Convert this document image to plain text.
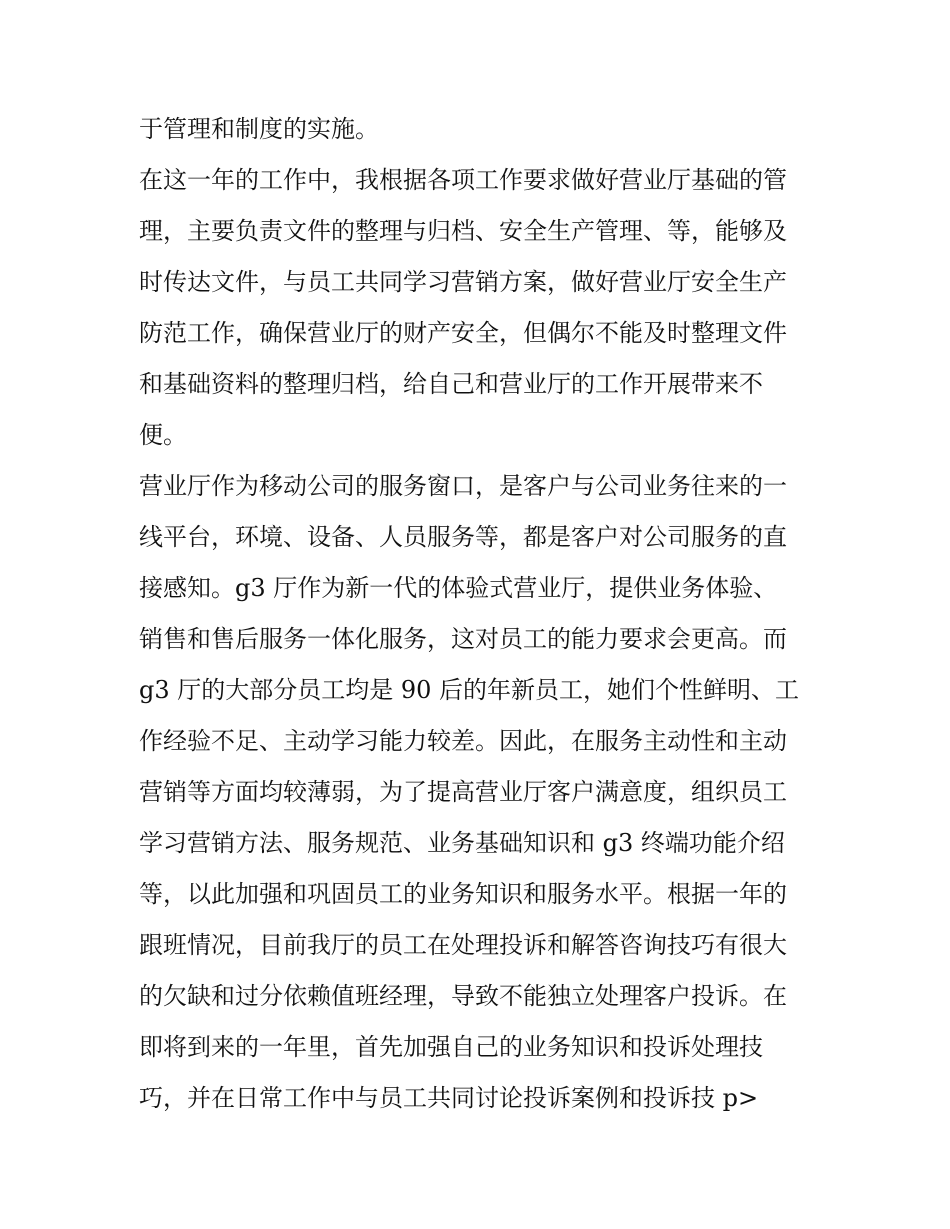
于管理和制度的实施。
在这一年的工作中，我根据各项工作要求做好营业厅基础的管
理，主要负责文件的整理与归档、安全生产管理、等，能够及
时传达文件，与员工共同学习营销方案，做好营业厅安全生产
防范工作，确保营业厅的财产安全，但偶尔不能及时整理文件
和基础资料的整理归档，给自己和营业厅的工作开展带来不
便。
营业厅作为移动公司的服务窗口，是客户与公司业务往来的一
线平台，环境、设备、人员服务等，都是客户对公司服务的直
接感知。g3 厅作为新一代的体验式营业厅，提供业务体验、
销售和售后服务一体化服务，这对员工的能力要求会更高。而
g3 厅的大部分员工均是 90 后的年新员工，她们个性鲜明、工
作经验不足、主动学习能力较差。因此，在服务主动性和主动
营销等方面均较薄弱，为了提高营业厅客户满意度，组织员工
学习营销方法、服务规范、业务基础知识和 g3 终端功能介绍
等，以此加强和巩固员工的业务知识和服务水平。根据一年的
跟班情况，目前我厅的员工在处理投诉和解答咨询技巧有很大
的欠缺和过分依赖值班经理，导致不能独立处理客户投诉。在
即将到来的一年里，首先加强自己的业务知识和投诉处理技
巧，并在日常工作中与员工共同讨论投诉案例和投诉技 p>
